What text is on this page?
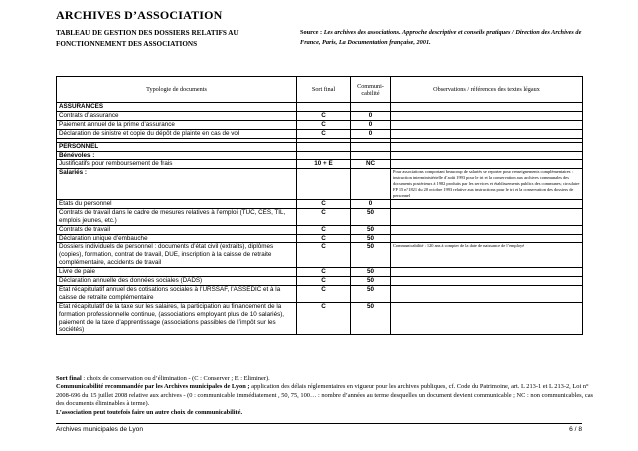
ARCHIVES D’ASSOCIATION
TABLEAU DE GESTION DES DOSSIERS RELATIFS AU FONCTIONNEMENT DES ASSOCIATIONS
Source : Les archives des associations. Approche descriptive et conseils pratiques / Direction des Archives de France, Paris, La Documentation française, 2001.
Typologie de documents	Sort final	Communi-cabilité	Observations / références des textes légaux
ASSURANCES			
Contrats d’assurance	C	0	
Paiement annuel de la prime d’assurance	C	0	
Déclaration de sinistre et copie du dépôt de plainte en cas de vol	C	0	

PERSONNEL			
Bénévoles :			
Justificatifs pour remboursement de frais	10 + E	NC	
Salariés :			Pour associations comportant beaucoup de salariés se reporter pour renseignements complémentaires : instruction interministérielle d’août 1993 pour le tri et la conservation aux archives communales des documents postérieurs à 1982 produits par les services et établissements publics des communes; circulaire FP 15 n°1821 du 20 octobre 1993 relative aux instructions pour le tri et la conservation des dossiers de personnel
Etats du personnel	C	0	
Contrats de travail dans le cadre de mesures relatives à l’emploi (TUC, CES, TIL, emplois jeunes, etc.)	C	50	
Contrats de travail	C	50	
Déclaration unique d’embauche	C	50	
Dossiers individuels de personnel : documents d’état civil (extraits), diplômes (copies), formation, contrat de travail, DUE, inscription à la caisse de retraite complémentaire, accidents de travail	C	50	Communicabilité : 120 ans à compter de la date de naissance de l’employé
Livre de paie	C	50	
Déclaration annuelle des données sociales (DADS)	C	50	
Etat récapitulatif annuel des cotisations sociales à l’URSSAF, l’ASSEDIC et à la caisse de retraite complémentaire	C	50	
Etat récapitulatif de la taxe sur les salaires, la participation au financement de la formation professionnelle continue, (associations employant plus de 10 salariés), paiement de la taxe d’apprentissage (associations passibles de l’impôt sur les sociétés)	C	50	
Sort final : choix de conservation ou d’élimination - (C : Conserver ; E : Eliminer).
Communicabilité recommandée par les Archives municipales de Lyon ; application des délais réglementaires en vigueur pour les archives publiques, cf. Code du Patrimoine, art. L 213-1 et L 213-2, Loi n° 2008-696 du 15 juillet 2008 relative aux archives - (0 : communicable immédiatement , 50, 75, 100… : nombre d’années au terme desquelles un document devient communicable ; NC : non communicables, cas des documents éliminables à terme).
L’association peut toutefois faire un autre choix de communicabilité.
Archives municipales de Lyon	6 / 8
